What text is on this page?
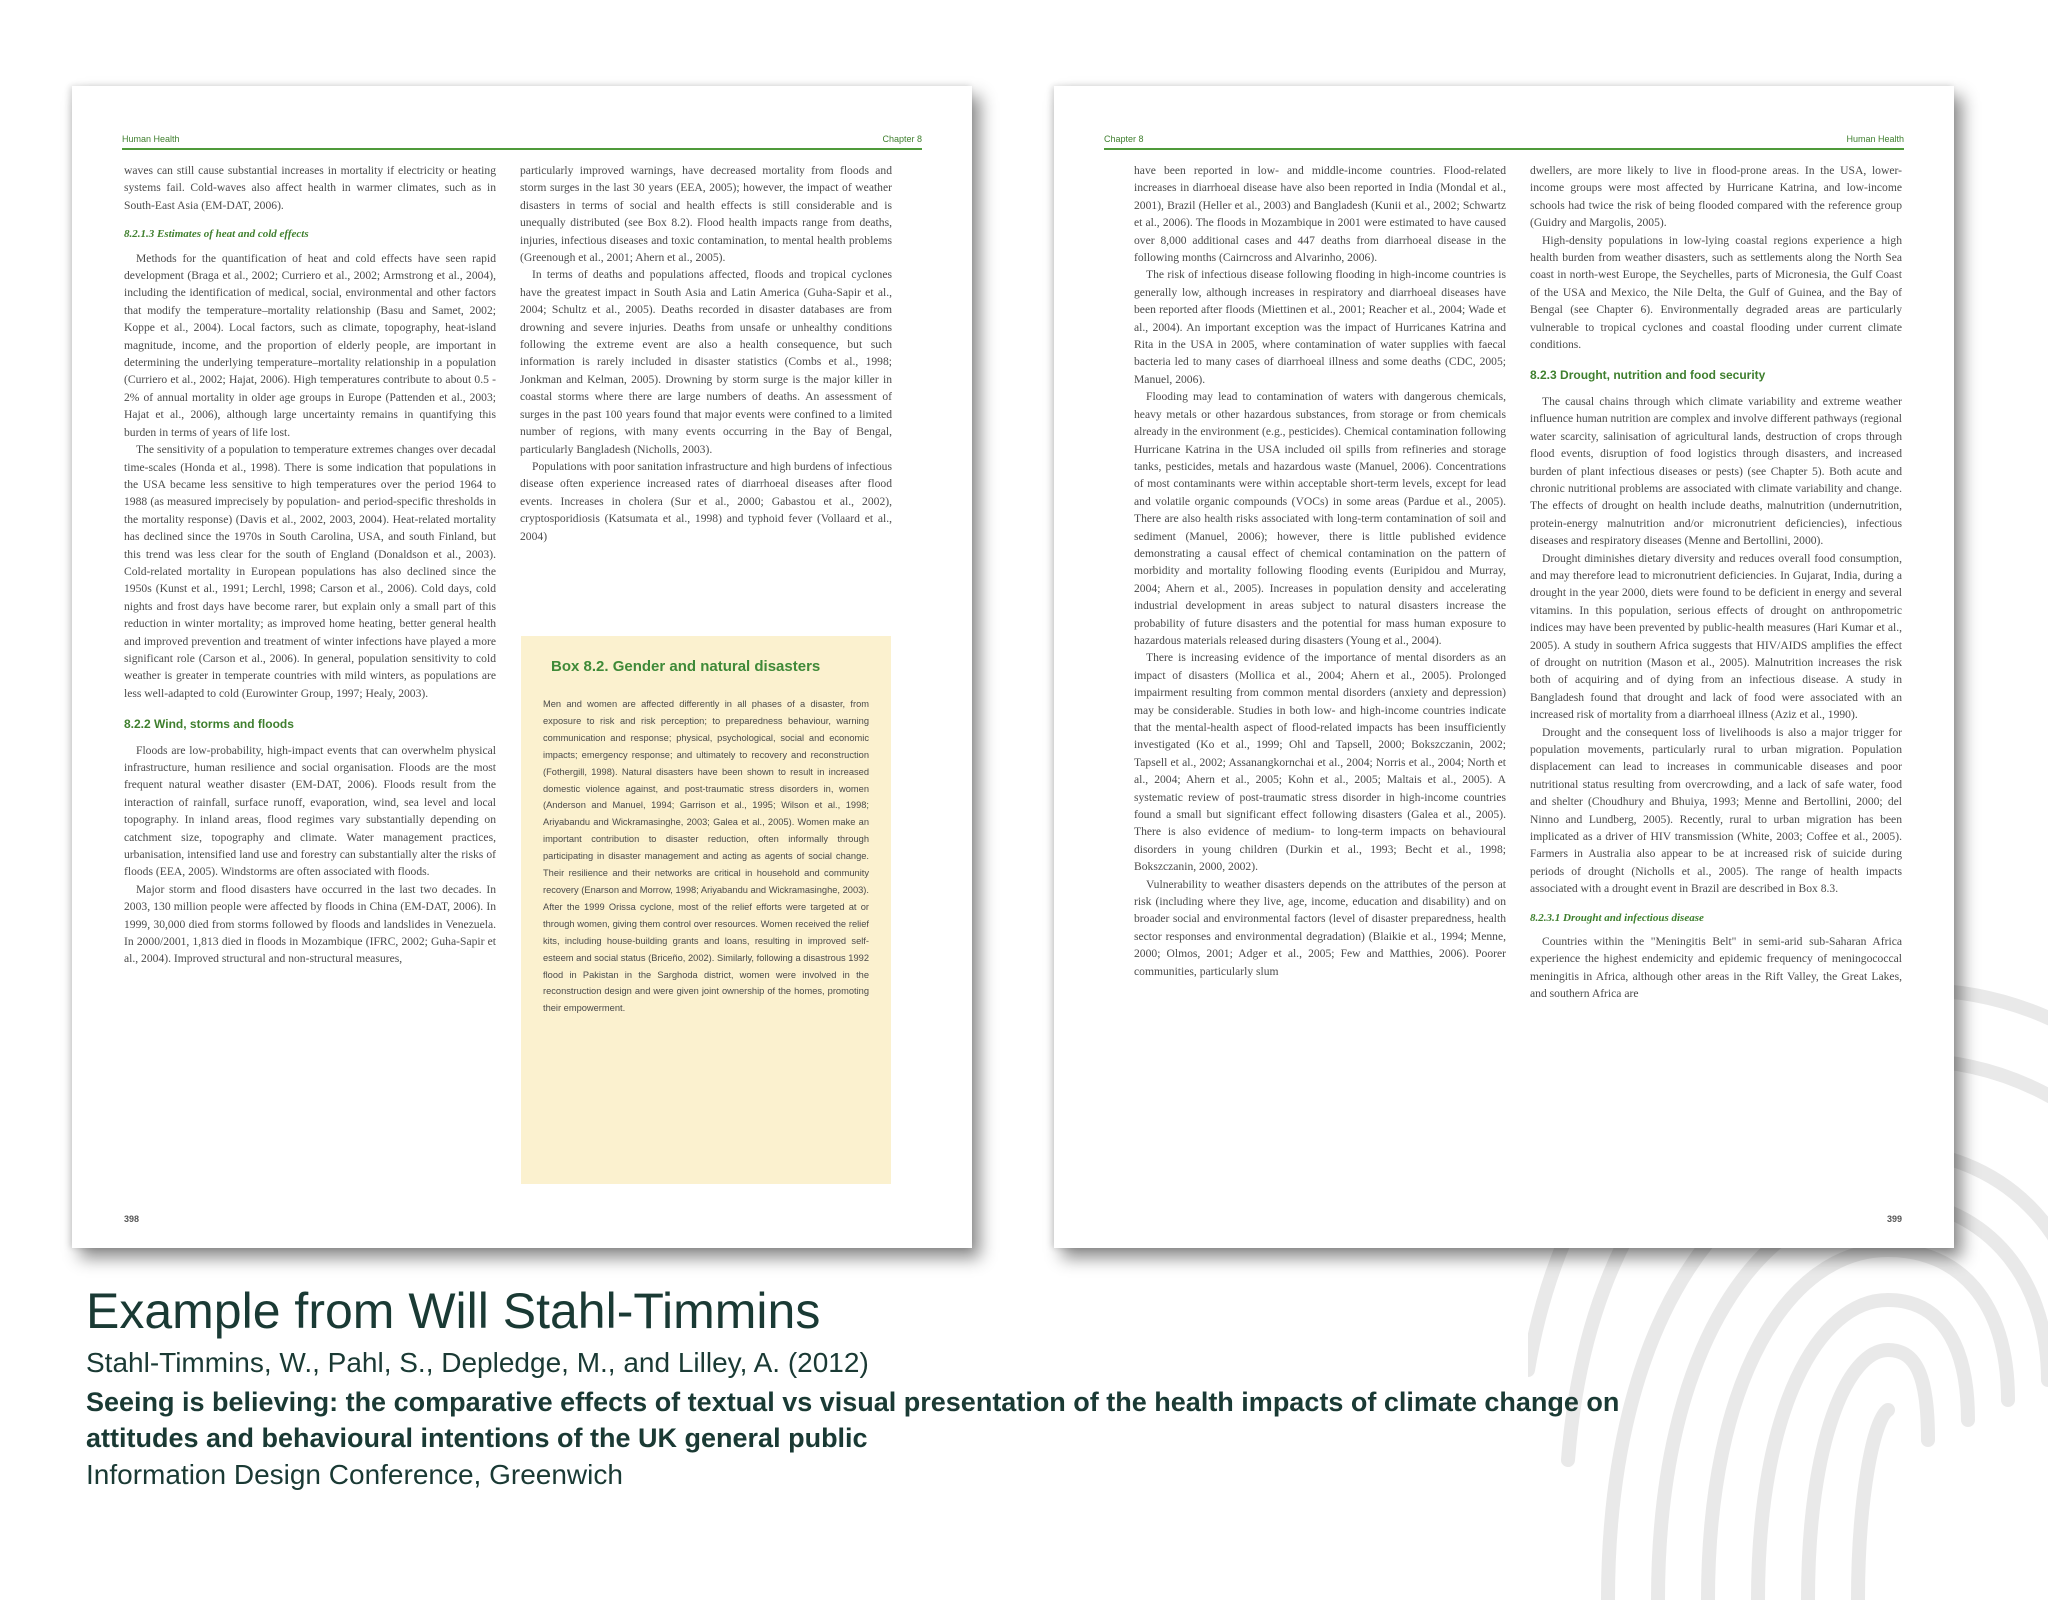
Human Health	Chapter 8

waves can still cause substantial increases in mortality if electricity or heating systems fail. Cold-waves also affect health in warmer climates, such as in South-East Asia (EM-DAT, 2006).

8.2.1.3 Estimates of heat and cold effects

Methods for the quantification of heat and cold effects have seen rapid development (Braga et al., 2002; Curriero et al., 2002; Armstrong et al., 2004), including the identification of medical, social, environmental and other factors that modify the temperature–mortality relationship (Basu and Samet, 2002; Koppe et al., 2004). Local factors, such as climate, topography, heat-island magnitude, income, and the proportion of elderly people, are important in determining the underlying temperature–mortality relationship in a population (Curriero et al., 2002; Hajat, 2006). High temperatures contribute to about 0.5 - 2% of annual mortality in older age groups in Europe (Pattenden et al., 2003; Hajat et al., 2006), although large uncertainty remains in quantifying this burden in terms of years of life lost.

The sensitivity of a population to temperature extremes changes over decadal time-scales (Honda et al., 1998). There is some indication that populations in the USA became less sensitive to high temperatures over the period 1964 to 1988 (as measured imprecisely by population- and period-specific thresholds in the mortality response) (Davis et al., 2002, 2003, 2004). Heat-related mortality has declined since the 1970s in South Carolina, USA, and south Finland, but this trend was less clear for the south of England (Donaldson et al., 2003). Cold-related mortality in European populations has also declined since the 1950s (Kunst et al., 1991; Lerchl, 1998; Carson et al., 2006). Cold days, cold nights and frost days have become rarer, but explain only a small part of this reduction in winter mortality; as improved home heating, better general health and improved prevention and treatment of winter infections have played a more significant role (Carson et al., 2006). In general, population sensitivity to cold weather is greater in temperate countries with mild winters, as populations are less well-adapted to cold (Eurowinter Group, 1997; Healy, 2003).

8.2.2 Wind, storms and floods

Floods are low-probability, high-impact events that can overwhelm physical infrastructure, human resilience and social organisation. Floods are the most frequent natural weather disaster (EM-DAT, 2006). Floods result from the interaction of rainfall, surface runoff, evaporation, wind, sea level and local topography. In inland areas, flood regimes vary substantially depending on catchment size, topography and climate. Water management practices, urbanisation, intensified land use and forestry can substantially alter the risks of floods (EEA, 2005). Windstorms are often associated with floods.

Major storm and flood disasters have occurred in the last two decades. In 2003, 130 million people were affected by floods in China (EM-DAT, 2006). In 1999, 30,000 died from storms followed by floods and landslides in Venezuela. In 2000/2001, 1,813 died in floods in Mozambique (IFRC, 2002; Guha-Sapir et al., 2004). Improved structural and non-structural measures,

particularly improved warnings, have decreased mortality from floods and storm surges in the last 30 years (EEA, 2005); however, the impact of weather disasters in terms of social and health effects is still considerable and is unequally distributed (see Box 8.2). Flood health impacts range from deaths, injuries, infectious diseases and toxic contamination, to mental health problems (Greenough et al., 2001; Ahern et al., 2005).

In terms of deaths and populations affected, floods and tropical cyclones have the greatest impact in South Asia and Latin America (Guha-Sapir et al., 2004; Schultz et al., 2005). Deaths recorded in disaster databases are from drowning and severe injuries. Deaths from unsafe or unhealthy conditions following the extreme event are also a health consequence, but such information is rarely included in disaster statistics (Combs et al., 1998; Jonkman and Kelman, 2005). Drowning by storm surge is the major killer in coastal storms where there are large numbers of deaths. An assessment of surges in the past 100 years found that major events were confined to a limited number of regions, with many events occurring in the Bay of Bengal, particularly Bangladesh (Nicholls, 2003).

Populations with poor sanitation infrastructure and high burdens of infectious disease often experience increased rates of diarrhoeal diseases after flood events. Increases in cholera (Sur et al., 2000; Gabastou et al., 2002), cryptosporidiosis (Katsumata et al., 1998) and typhoid fever (Vollaard et al., 2004)

Box 8.2. Gender and natural disasters
Men and women are affected differently in all phases of a disaster, from exposure to risk and risk perception; to preparedness behaviour, warning communication and response; physical, psychological, social and economic impacts; emergency response; and ultimately to recovery and reconstruction (Fothergill, 1998). Natural disasters have been shown to result in increased domestic violence against, and post-traumatic stress disorders in, women (Anderson and Manuel, 1994; Garrison et al., 1995; Wilson et al., 1998; Ariyabandu and Wickramasinghe, 2003; Galea et al., 2005). Women make an important contribution to disaster reduction, often informally through participating in disaster management and acting as agents of social change. Their resilience and their networks are critical in household and community recovery (Enarson and Morrow, 1998; Ariyabandu and Wickramasinghe, 2003). After the 1999 Orissa cyclone, most of the relief efforts were targeted at or through women, giving them control over resources. Women received the relief kits, including house-building grants and loans, resulting in improved self-esteem and social status (Briceño, 2002). Similarly, following a disastrous 1992 flood in Pakistan in the Sarghoda district, women were involved in the reconstruction design and were given joint ownership of the homes, promoting their empowerment.
398
Chapter 8	Human Health

have been reported in low- and middle-income countries. Flood-related increases in diarrhoeal disease have also been reported in India (Mondal et al., 2001), Brazil (Heller et al., 2003) and Bangladesh (Kunii et al., 2002; Schwartz et al., 2006). The floods in Mozambique in 2001 were estimated to have caused over 8,000 additional cases and 447 deaths from diarrhoeal disease in the following months (Cairncross and Alvarinho, 2006).

The risk of infectious disease following flooding in high-income countries is generally low, although increases in respiratory and diarrhoeal diseases have been reported after floods (Miettinen et al., 2001; Reacher et al., 2004; Wade et al., 2004). An important exception was the impact of Hurricanes Katrina and Rita in the USA in 2005, where contamination of water supplies with faecal bacteria led to many cases of diarrhoeal illness and some deaths (CDC, 2005; Manuel, 2006).

Flooding may lead to contamination of waters with dangerous chemicals, heavy metals or other hazardous substances, from storage or from chemicals already in the environment (e.g., pesticides). Chemical contamination following Hurricane Katrina in the USA included oil spills from refineries and storage tanks, pesticides, metals and hazardous waste (Manuel, 2006). Concentrations of most contaminants were within acceptable short-term levels, except for lead and volatile organic compounds (VOCs) in some areas (Pardue et al., 2005). There are also health risks associated with long-term contamination of soil and sediment (Manuel, 2006); however, there is little published evidence demonstrating a causal effect of chemical contamination on the pattern of morbidity and mortality following flooding events (Euripidou and Murray, 2004; Ahern et al., 2005). Increases in population density and accelerating industrial development in areas subject to natural disasters increase the probability of future disasters and the potential for mass human exposure to hazardous materials released during disasters (Young et al., 2004).

There is increasing evidence of the importance of mental disorders as an impact of disasters (Mollica et al., 2004; Ahern et al., 2005). Prolonged impairment resulting from common mental disorders (anxiety and depression) may be considerable. Studies in both low- and high-income countries indicate that the mental-health aspect of flood-related impacts has been insufficiently investigated (Ko et al., 1999; Ohl and Tapsell, 2000; Bokszczanin, 2002; Tapsell et al., 2002; Assanangkornchai et al., 2004; Norris et al., 2004; North et al., 2004; Ahern et al., 2005; Kohn et al., 2005; Maltais et al., 2005). A systematic review of post-traumatic stress disorder in high-income countries found a small but significant effect following disasters (Galea et al., 2005). There is also evidence of medium- to long-term impacts on behavioural disorders in young children (Durkin et al., 1993; Becht et al., 1998; Bokszczanin, 2000, 2002).

Vulnerability to weather disasters depends on the attributes of the person at risk (including where they live, age, income, education and disability) and on broader social and environmental factors (level of disaster preparedness, health sector responses and environmental degradation) (Blaikie et al., 1994; Menne, 2000; Olmos, 2001; Adger et al., 2005; Few and Matthies, 2006). Poorer communities, particularly slum

dwellers, are more likely to live in flood-prone areas. In the USA, lower-income groups were most affected by Hurricane Katrina, and low-income schools had twice the risk of being flooded compared with the reference group (Guidry and Margolis, 2005).

High-density populations in low-lying coastal regions experience a high health burden from weather disasters, such as settlements along the North Sea coast in north-west Europe, the Seychelles, parts of Micronesia, the Gulf Coast of the USA and Mexico, the Nile Delta, the Gulf of Guinea, and the Bay of Bengal (see Chapter 6). Environmentally degraded areas are particularly vulnerable to tropical cyclones and coastal flooding under current climate conditions.

8.2.3 Drought, nutrition and food security

The causal chains through which climate variability and extreme weather influence human nutrition are complex and involve different pathways (regional water scarcity, salinisation of agricultural lands, destruction of crops through flood events, disruption of food logistics through disasters, and increased burden of plant infectious diseases or pests) (see Chapter 5). Both acute and chronic nutritional problems are associated with climate variability and change. The effects of drought on health include deaths, malnutrition (undernutrition, protein-energy malnutrition and/or micronutrient deficiencies), infectious diseases and respiratory diseases (Menne and Bertollini, 2000).

Drought diminishes dietary diversity and reduces overall food consumption, and may therefore lead to micronutrient deficiencies. In Gujarat, India, during a drought in the year 2000, diets were found to be deficient in energy and several vitamins. In this population, serious effects of drought on anthropometric indices may have been prevented by public-health measures (Hari Kumar et al., 2005). A study in southern Africa suggests that HIV/AIDS amplifies the effect of drought on nutrition (Mason et al., 2005). Malnutrition increases the risk both of acquiring and of dying from an infectious disease. A study in Bangladesh found that drought and lack of food were associated with an increased risk of mortality from a diarrhoeal illness (Aziz et al., 1990).

Drought and the consequent loss of livelihoods is also a major trigger for population movements, particularly rural to urban migration. Population displacement can lead to increases in communicable diseases and poor nutritional status resulting from overcrowding, and a lack of safe water, food and shelter (Choudhury and Bhuiya, 1993; Menne and Bertollini, 2000; del Ninno and Lundberg, 2005). Recently, rural to urban migration has been implicated as a driver of HIV transmission (White, 2003; Coffee et al., 2005). Farmers in Australia also appear to be at increased risk of suicide during periods of drought (Nicholls et al., 2005). The range of health impacts associated with a drought event in Brazil are described in Box 8.3.

8.2.3.1 Drought and infectious disease

Countries within the "Meningitis Belt" in semi-arid sub-Saharan Africa experience the highest endemicity and epidemic frequency of meningococcal meningitis in Africa, although other areas in the Rift Valley, the Great Lakes, and southern Africa are

399
Example from Will Stahl-Timmins
Stahl-Timmins, W., Pahl, S., Depledge, M., and Lilley, A. (2012)
Seeing is believing: the comparative effects of textual vs visual presentation of the health impacts of climate change on attitudes and behavioural intentions of the UK general public
Information Design Conference, Greenwich
